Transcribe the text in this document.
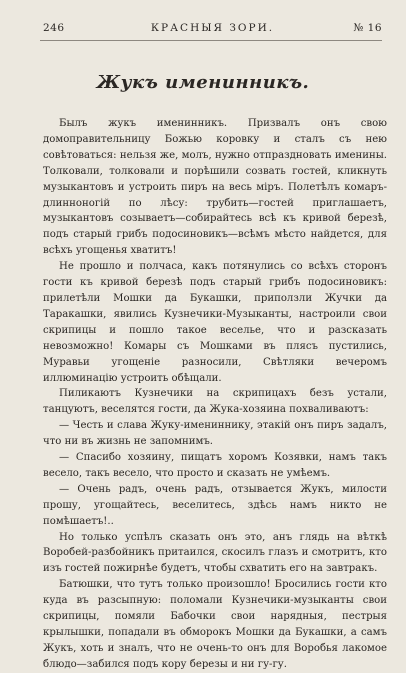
246	КРАСНЫЯ ЗОРИ.	№ 16
Жукъ именинникъ.

Былъ жукъ именинникъ. Призвалъ онъ свою домоправительницу Божью коровку и сталъ съ нею совѣтоваться: нельзя же, молъ, нужно отпраздновать именины. Толковали, толковали и порѣшили созвать гостей, кликнуть музыкантовъ и устроить пиръ на весь міръ. Полетѣлъ комаръ-длинноногій по лѣсу: трубить—гостей приглашаетъ, музыкантовъ созываетъ—собирайтесь всѣ къ кривой березѣ, подъ старый грибъ подосиновикъ—всѣмъ мѣсто найдется, для всѣхъ угощенья хватитъ!

Не прошло и полчаса, какъ потянулись со всѣхъ сторонъ гости къ кривой березѣ подъ старый грибъ подосиновикъ: прилетѣли Мошки да Букашки, приползли Жучки да Таракашки, явились Кузнечики-Музыканты, настроили свои скрипицы и пошло такое веселье, что и разсказать невозможно! Комары съ Мошками въ плясъ пустились, Муравьи угощеніе разносили, Свѣтляки вечеромъ иллюминацію устроить обѣщали.

Пиликаютъ Кузнечики на скрипицахъ безъ устали, танцуютъ, веселятся гости, да Жука-хозяина похваливаютъ:

— Честь и слава Жуку-имениннику, этакій онъ пиръ задалъ, что ни въ жизнь не запомнимъ.

— Спасибо хозяину, пищатъ хоромъ Козявки, намъ такъ весело, такъ весело, что просто и сказать не умѣемъ.

— Очень радъ, очень радъ, отзывается Жукъ, милости прошу, угощайтесь, веселитесь, здѣсь намъ никто не помѣшаетъ!..

Но только успѣлъ сказать онъ это, анъ глядь на вѣткѣ Воробей-разбойникъ притаился, скосилъ глазъ и смотритъ, кто изъ гостей пожирнѣе будетъ, чтобы схватить его на завтракъ.

Батюшки, что тутъ только произошло! Бросились гости кто куда въ разсыпную: поломали Кузнечики-музыканты свои скрипицы, помяли Бабочки свои нарядныя, пестрыя крылышки, попадали въ обморокъ Мошки да Букашки, а самъ Жукъ, хоть и зналъ, что не очень-то онъ для Воробья лакомое блюдо—забился подъ кору березы и ни гу-гу.
